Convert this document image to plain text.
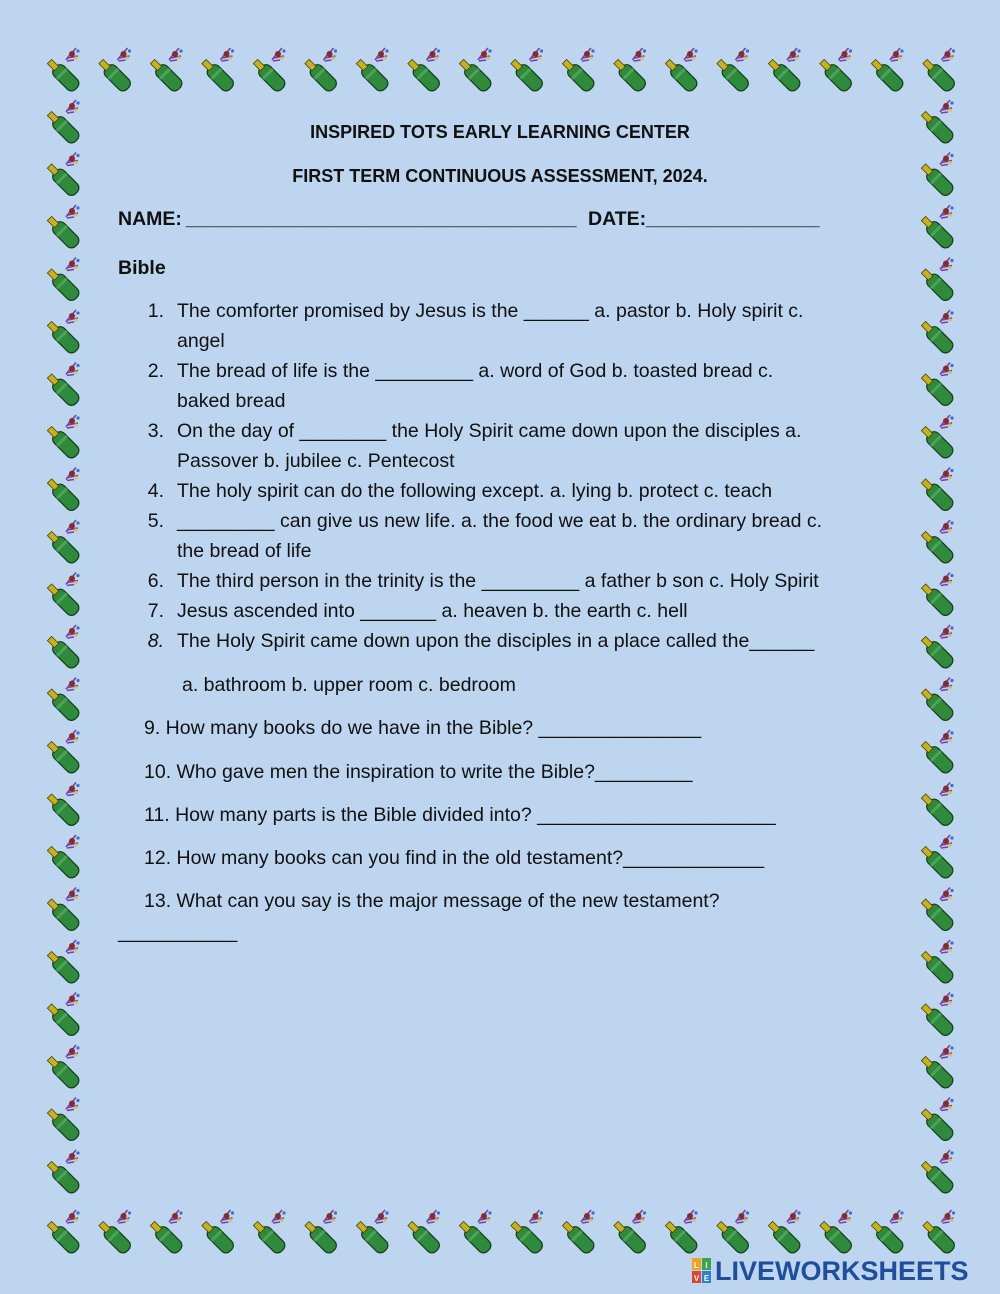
INSPIRED TOTS EARLY LEARNING CENTER
FIRST TERM CONTINUOUS ASSESSMENT, 2024.
NAME: ____________________________________ DATE: ________________
Bible
1. The comforter promised by Jesus is the ______ a. pastor b. Holy spirit c.
angel
2. The bread of life is the _________ a. word of God b. toasted bread c.
baked bread
3. On the day of ________ the Holy Spirit came down upon the disciples a.
Passover b. jubilee c. Pentecost
4. The holy spirit can do the following except. a. lying b. protect c. teach
5. _________ can give us new life. a. the food we eat b. the ordinary bread c.
the bread of life
6. The third person in the trinity is the _________ a father b son c. Holy Spirit
7. Jesus ascended into _______ a. heaven b. the earth c. hell
8. The Holy Spirit came down upon the disciples in a place called the______
a. bathroom b. upper room c. bedroom
9. How many books do we have in the Bible? _______________
10. Who gave men the inspiration to write the Bible?_________
11. How many parts is the Bible divided into? ______________________
12. How many books can you find in the old testament?_____________
13. What can you say is the major message of the new testament?
___________
L I
V E LIVEWORKSHEETS
